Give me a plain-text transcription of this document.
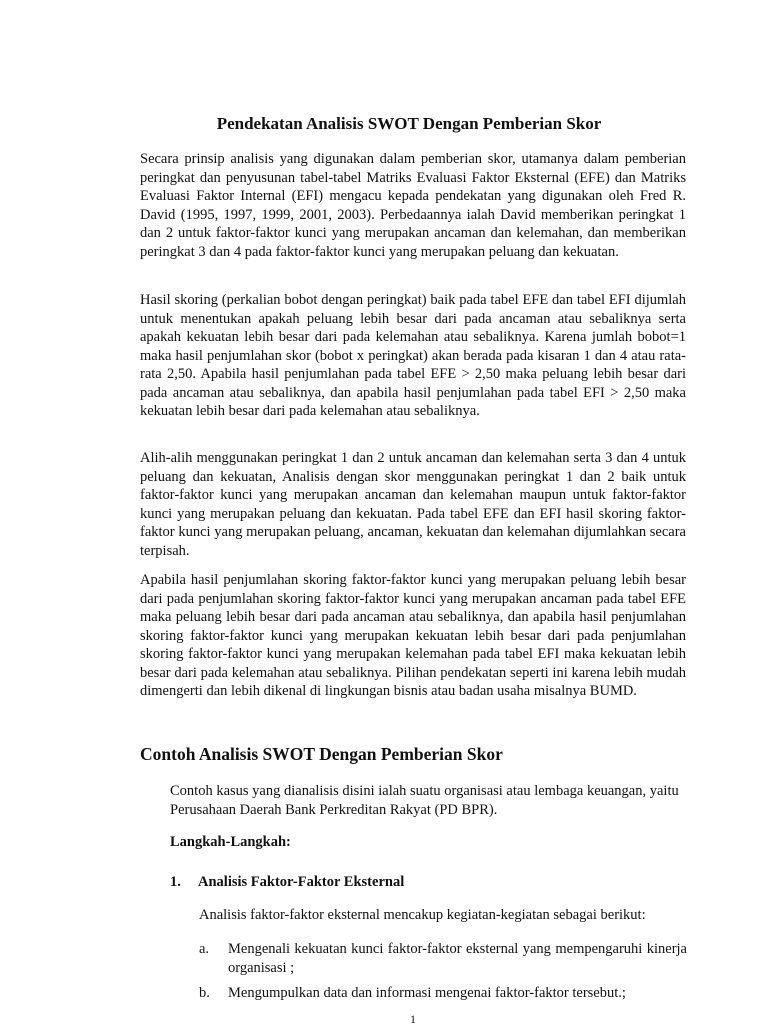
Pendekatan Analisis SWOT Dengan Pemberian Skor

Secara prinsip analisis yang digunakan dalam pemberian skor, utamanya dalam pemberian peringkat dan penyusunan tabel-tabel Matriks Evaluasi Faktor Eksternal (EFE) dan Matriks Evaluasi Faktor Internal (EFI) mengacu kepada pendekatan yang digunakan oleh Fred R. David (1995, 1997, 1999, 2001, 2003). Perbedaannya ialah David memberikan peringkat 1 dan 2 untuk faktor-faktor kunci yang merupakan ancaman dan kelemahan, dan memberikan peringkat 3 dan 4 pada faktor-faktor kunci yang merupakan peluang dan kekuatan.

Hasil skoring (perkalian bobot dengan peringkat) baik pada tabel EFE dan tabel EFI dijumlah untuk menentukan apakah peluang lebih besar dari pada ancaman atau sebaliknya serta apakah kekuatan lebih besar dari pada kelemahan atau sebaliknya. Karena jumlah bobot=1 maka hasil penjumlahan skor (bobot x peringkat) akan berada pada kisaran 1 dan 4 atau rata-rata 2,50. Apabila hasil penjumlahan pada tabel EFE > 2,50 maka peluang lebih besar dari pada ancaman atau sebaliknya, dan apabila hasil penjumlahan pada tabel EFI > 2,50 maka kekuatan lebih besar dari pada kelemahan atau sebaliknya.

Alih-alih menggunakan peringkat 1 dan 2 untuk ancaman dan kelemahan serta 3 dan 4 untuk peluang dan kekuatan, Analisis dengan skor menggunakan peringkat 1 dan 2 baik untuk faktor-faktor kunci yang merupakan ancaman dan kelemahan maupun untuk faktor-faktor kunci yang merupakan peluang dan kekuatan. Pada tabel EFE dan EFI hasil skoring faktor-faktor kunci yang merupakan peluang, ancaman, kekuatan dan kelemahan dijumlahkan secara terpisah.

Apabila hasil penjumlahan skoring faktor-faktor kunci yang merupakan peluang lebih besar dari pada penjumlahan skoring faktor-faktor kunci yang merupakan ancaman pada tabel EFE maka peluang lebih besar dari pada ancaman atau sebaliknya, dan apabila hasil penjumlahan skoring faktor-faktor kunci yang merupakan kekuatan lebih besar dari pada penjumlahan skoring faktor-faktor kunci yang merupakan kelemahan pada tabel EFI maka kekuatan lebih besar dari pada kelemahan atau sebaliknya. Pilihan pendekatan seperti ini karena lebih mudah dimengerti dan lebih dikenal di lingkungan bisnis atau badan usaha misalnya BUMD.

Contoh Analisis SWOT Dengan Pemberian Skor

Contoh kasus yang dianalisis disini ialah suatu organisasi atau lembaga keuangan, yaitu Perusahaan Daerah Bank Perkreditan Rakyat (PD BPR).

Langkah-Langkah:

1. Analisis Faktor-Faktor Eksternal

Analisis faktor-faktor eksternal mencakup kegiatan-kegiatan sebagai berikut:

a. Mengenali kekuatan kunci faktor-faktor eksternal yang mempengaruhi kinerja organisasi ;
b. Mengumpulkan data dan informasi mengenai faktor-faktor tersebut.;
1
